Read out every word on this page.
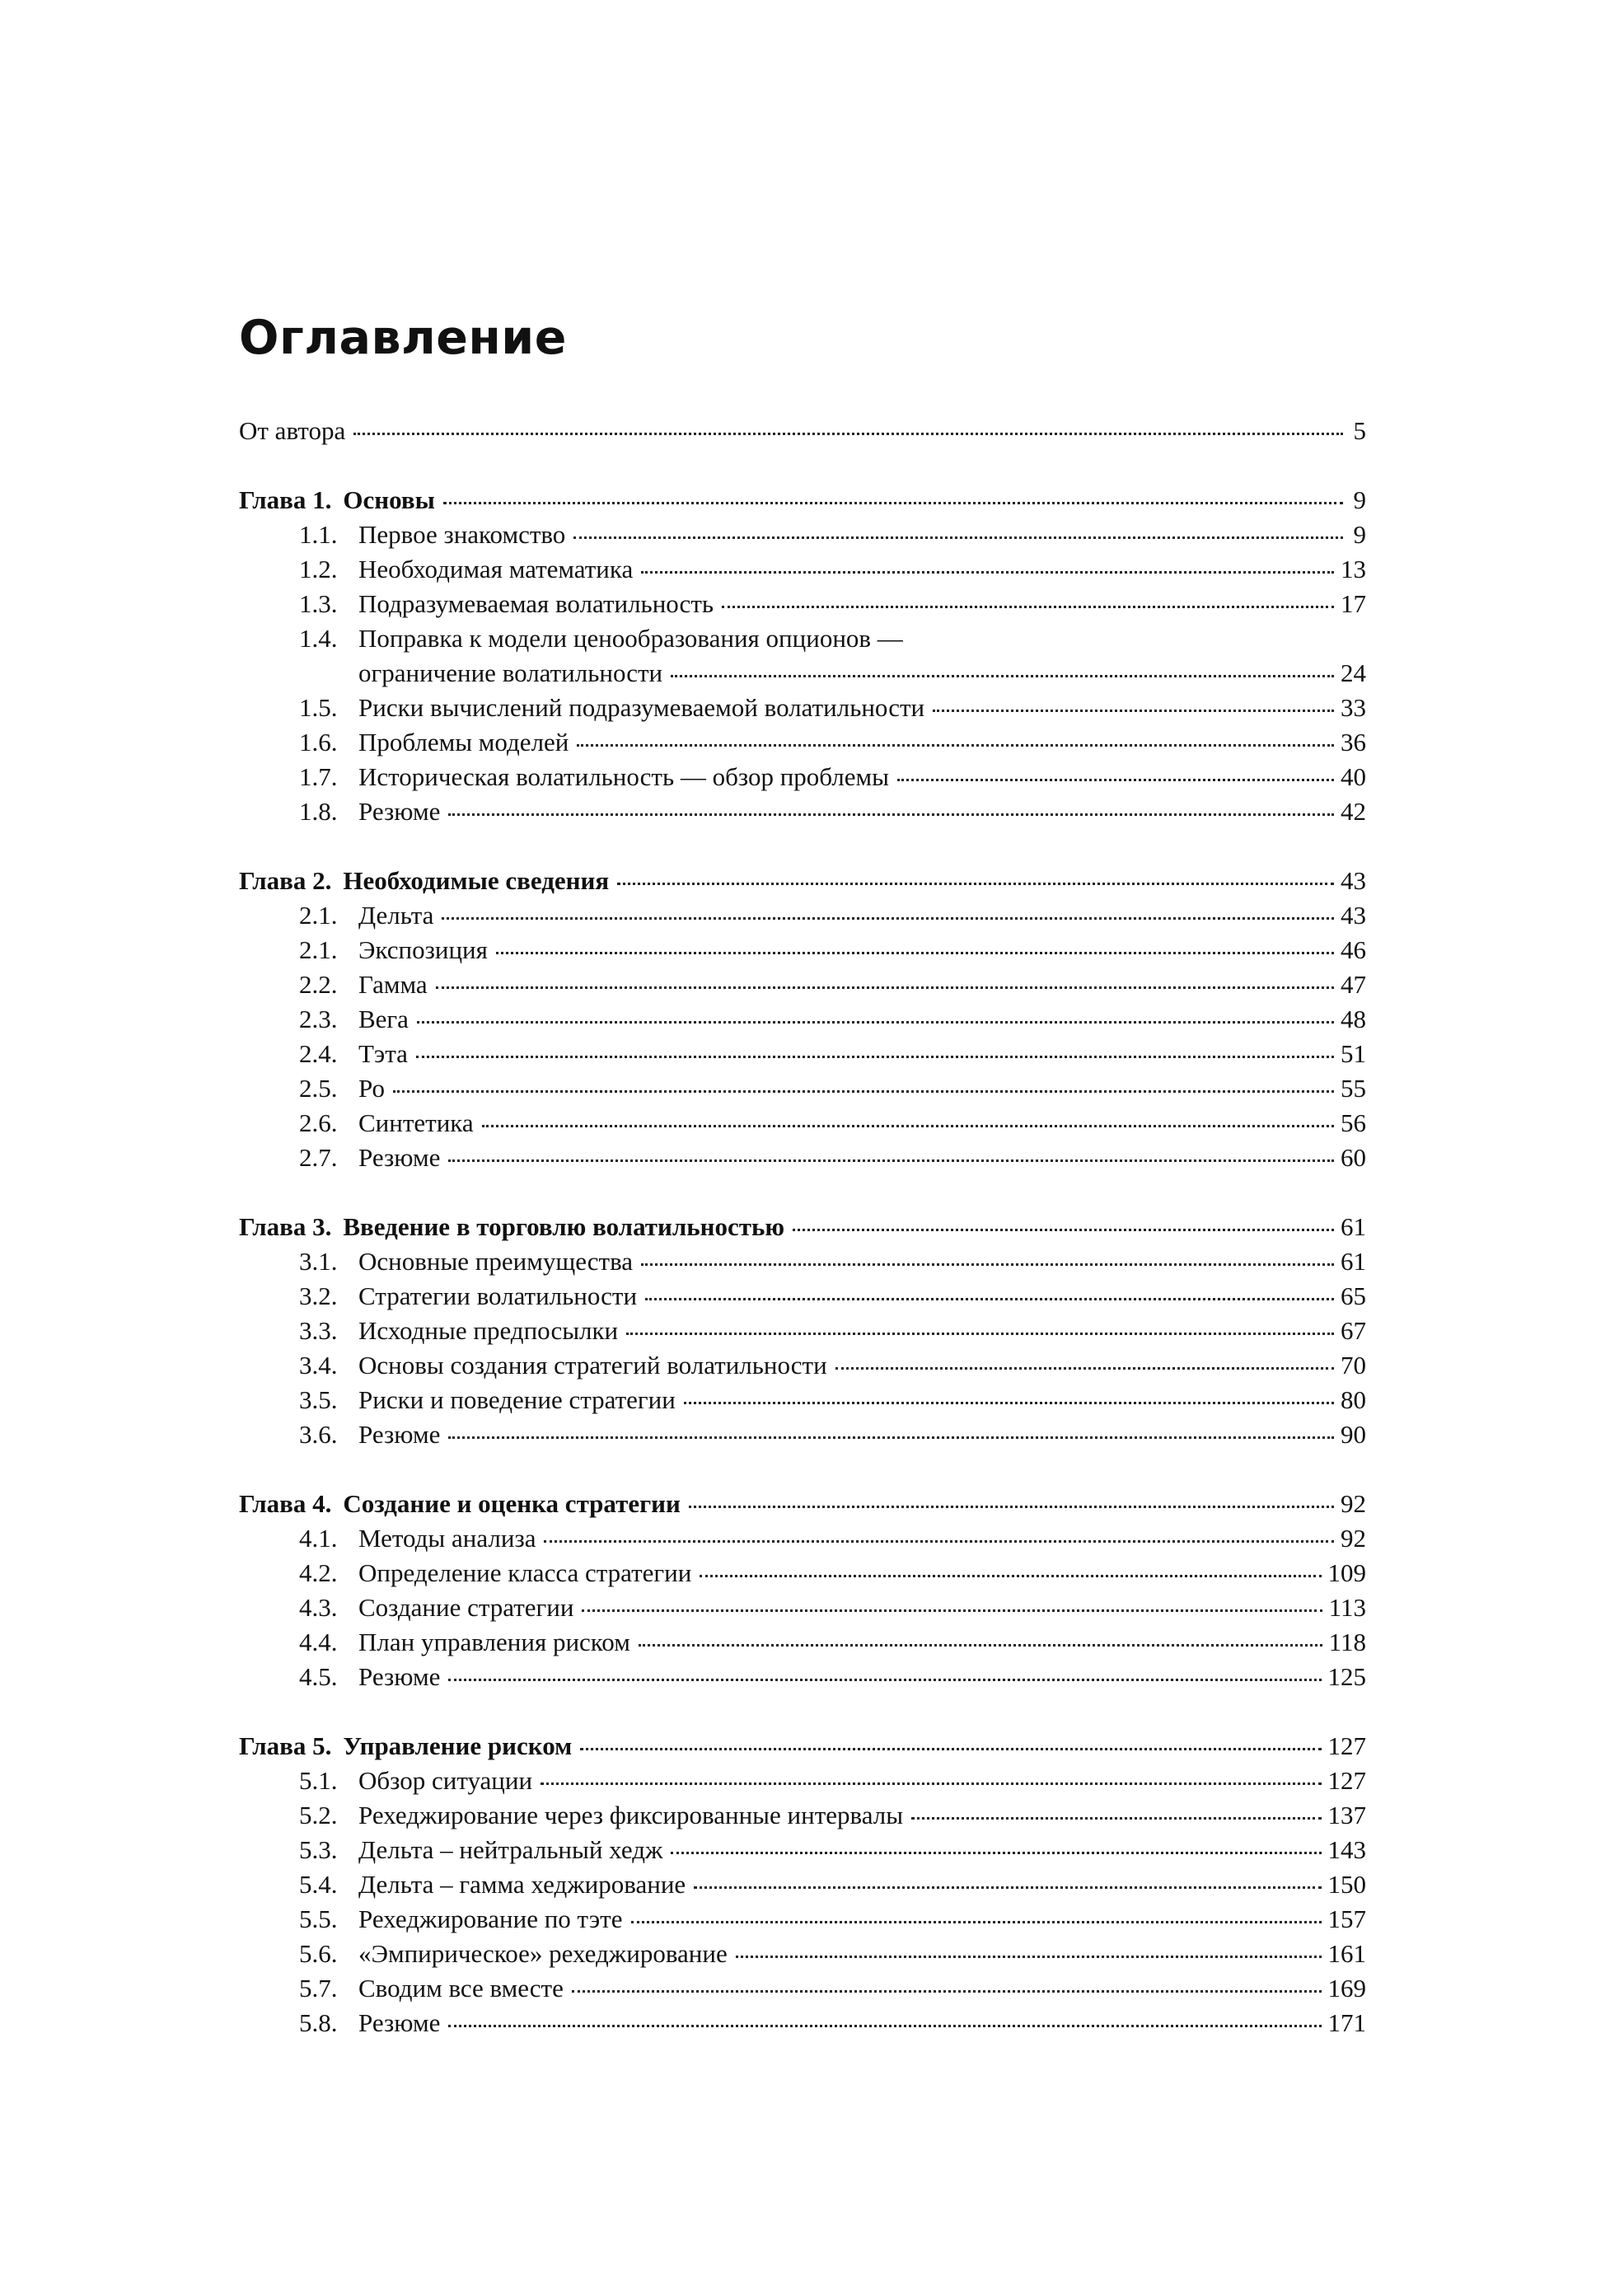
Оглавление
От автора	5
Глава 1. Основы	9
1.1. Первое знакомство	9
1.2. Необходимая математика	13
1.3. Подразумеваемая волатильность	17
1.4. Поправка к модели ценообразования опционов —
ограничение волатильности	24
1.5. Риски вычислений подразумеваемой волатильности	33
1.6. Проблемы моделей	36
1.7. Историческая волатильность — обзор проблемы	40
1.8. Резюме	42
Глава 2. Необходимые сведения	43
2.1. Дельта	43
2.1. Экспозиция	46
2.2. Гамма	47
2.3. Вега	48
2.4. Тэта	51
2.5. Ро	55
2.6. Синтетика	56
2.7. Резюме	60
Глава 3. Введение в торговлю волатильностью	61
3.1. Основные преимущества	61
3.2. Стратегии волатильности	65
3.3. Исходные предпосылки	67
3.4. Основы создания стратегий волатильности	70
3.5. Риски и поведение стратегии	80
3.6. Резюме	90
Глава 4. Создание и оценка стратегии	92
4.1. Методы анализа	92
4.2. Определение класса стратегии	109
4.3. Создание стратегии	113
4.4. План управления риском	118
4.5. Резюме	125
Глава 5. Управление риском	127
5.1. Обзор ситуации	127
5.2. Рехеджирование через фиксированные интервалы	137
5.3. Дельта – нейтральный хедж	143
5.4. Дельта – гамма хеджирование	150
5.5. Рехеджирование по тэте	157
5.6. «Эмпирическое» рехеджирование	161
5.7. Сводим все вместе	169
5.8. Резюме	171
